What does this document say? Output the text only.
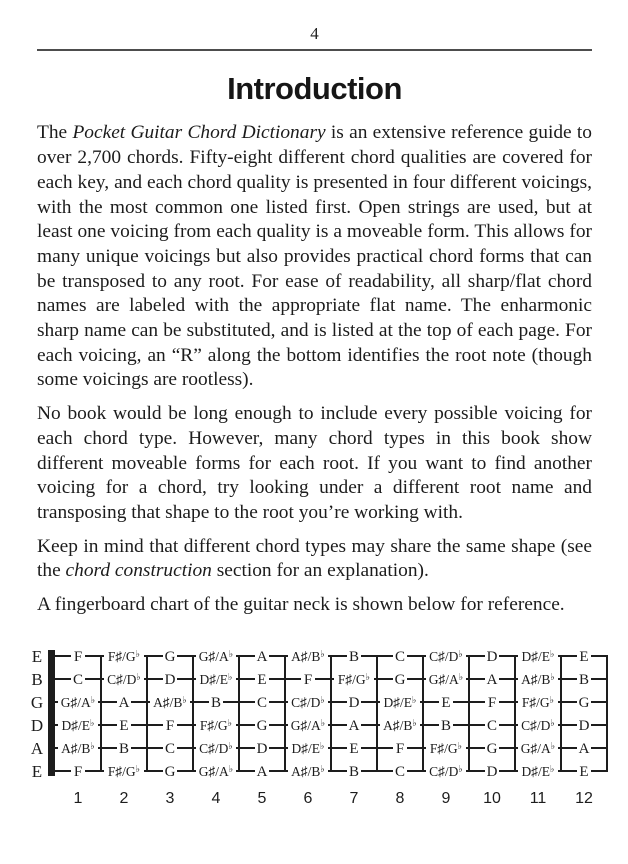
4
Introduction

The Pocket Guitar Chord Dictionary is an extensive reference guide to over 2,700 chords. Fifty-eight different chord qualities are covered for each key, and each chord quality is presented in four different voicings, with the most common one listed first. Open strings are used, but at least one voicing from each quality is a moveable form. This allows for many unique voicings but also provides practical chord forms that can be transposed to any root. For ease of readability, all sharp/flat chord names are labeled with the appropriate flat name. The enharmonic sharp name can be substituted, and is listed at the top of each page. For each voicing, an “R” along the bottom identifies the root note (though some voicings are rootless).

No book would be long enough to include every possible voicing for each chord type. However, many chord types in this book show different moveable forms for each root. If you want to find another voicing for a chord, try looking under a different root name and transposing that shape to the root you’re working with.

Keep in mind that different chord types may share the same shape (see the chord construction section for an explanation).

A fingerboard chart of the guitar neck is shown below for reference.

E
B
G
D
A
E
F F♯/G♭ G G♯/A♭ A A♯/B♭ B C C♯/D♭ D D♯/E♭ E
C C♯/D♭ D D♯/E♭ E F F♯/G♭ G G♯/A♭ A A♯/B♭ B
G♯/A♭ A A♯/B♭ B C C♯/D♭ D D♯/E♭ E F F♯/G♭ G
D♯/E♭ E F F♯/G♭ G G♯/A♭ A A♯/B♭ B C C♯/D♭ D
A♯/B♭ B C C♯/D♭ D D♯/E♭ E F F♯/G♭ G G♯/A♭ A
F F♯/G♭ G G♯/A♭ A A♯/B♭ B C C♯/D♭ D D♯/E♭ E
1 2 3 4 5 6 7 8 9 10 11 12
